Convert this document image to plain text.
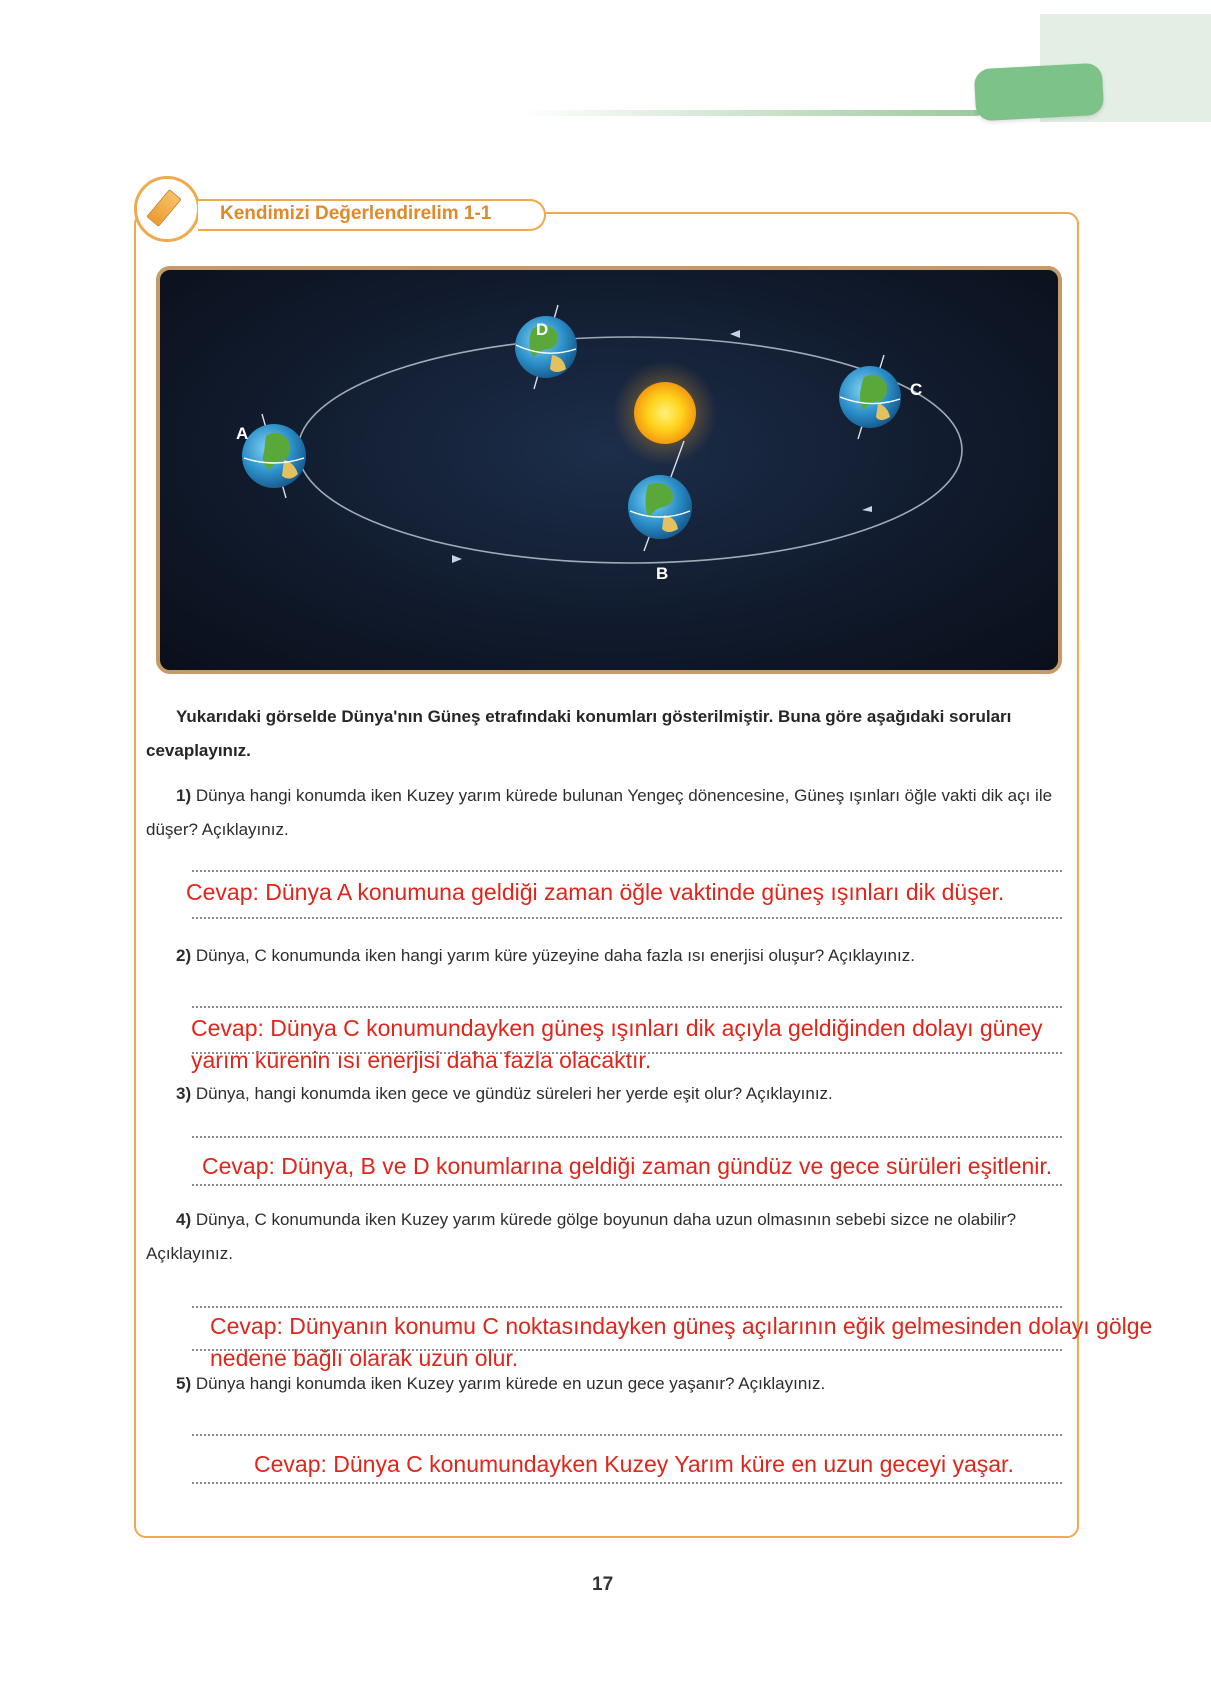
Kendimizi Değerlendirelim 1-1
A
B
C
D

Yukarıdaki görselde Dünya'nın Güneş etrafındaki konumları gösterilmiştir. Buna göre aşağıdaki soruları cevaplayınız.

1) Dünya hangi konumda iken Kuzey yarım kürede bulunan Yengeç dönencesine, Güneş ışınları öğle vakti dik açı ile düşer? Açıklayınız.

Cevap: Dünya A konumuna geldiği zaman öğle vaktinde güneş ışınları dik düşer.

2) Dünya, C konumunda iken hangi yarım küre yüzeyine daha fazla ısı enerjisi oluşur? Açıklayınız.

Cevap: Dünya C konumundayken güneş ışınları dik açıyla geldiğinden dolayı güney yarım kürenin ısı enerjisi daha fazla olacaktır.

3) Dünya, hangi konumda iken gece ve gündüz süreleri her yerde eşit olur? Açıklayınız.

Cevap: Dünya, B ve D konumlarına geldiği zaman gündüz ve gece sürüleri eşitlenir.

4) Dünya, C konumunda iken Kuzey yarım kürede gölge boyunun daha uzun olmasının sebebi sizce ne olabilir? Açıklayınız.

Cevap: Dünyanın konumu C noktasındayken güneş açılarının eğik gelmesinden dolayı gölge nedene bağlı olarak uzun olur.

5) Dünya hangi konumda iken Kuzey yarım kürede en uzun gece yaşanır? Açıklayınız.

Cevap: Dünya C konumundayken Kuzey Yarım küre en uzun geceyi yaşar.

17
